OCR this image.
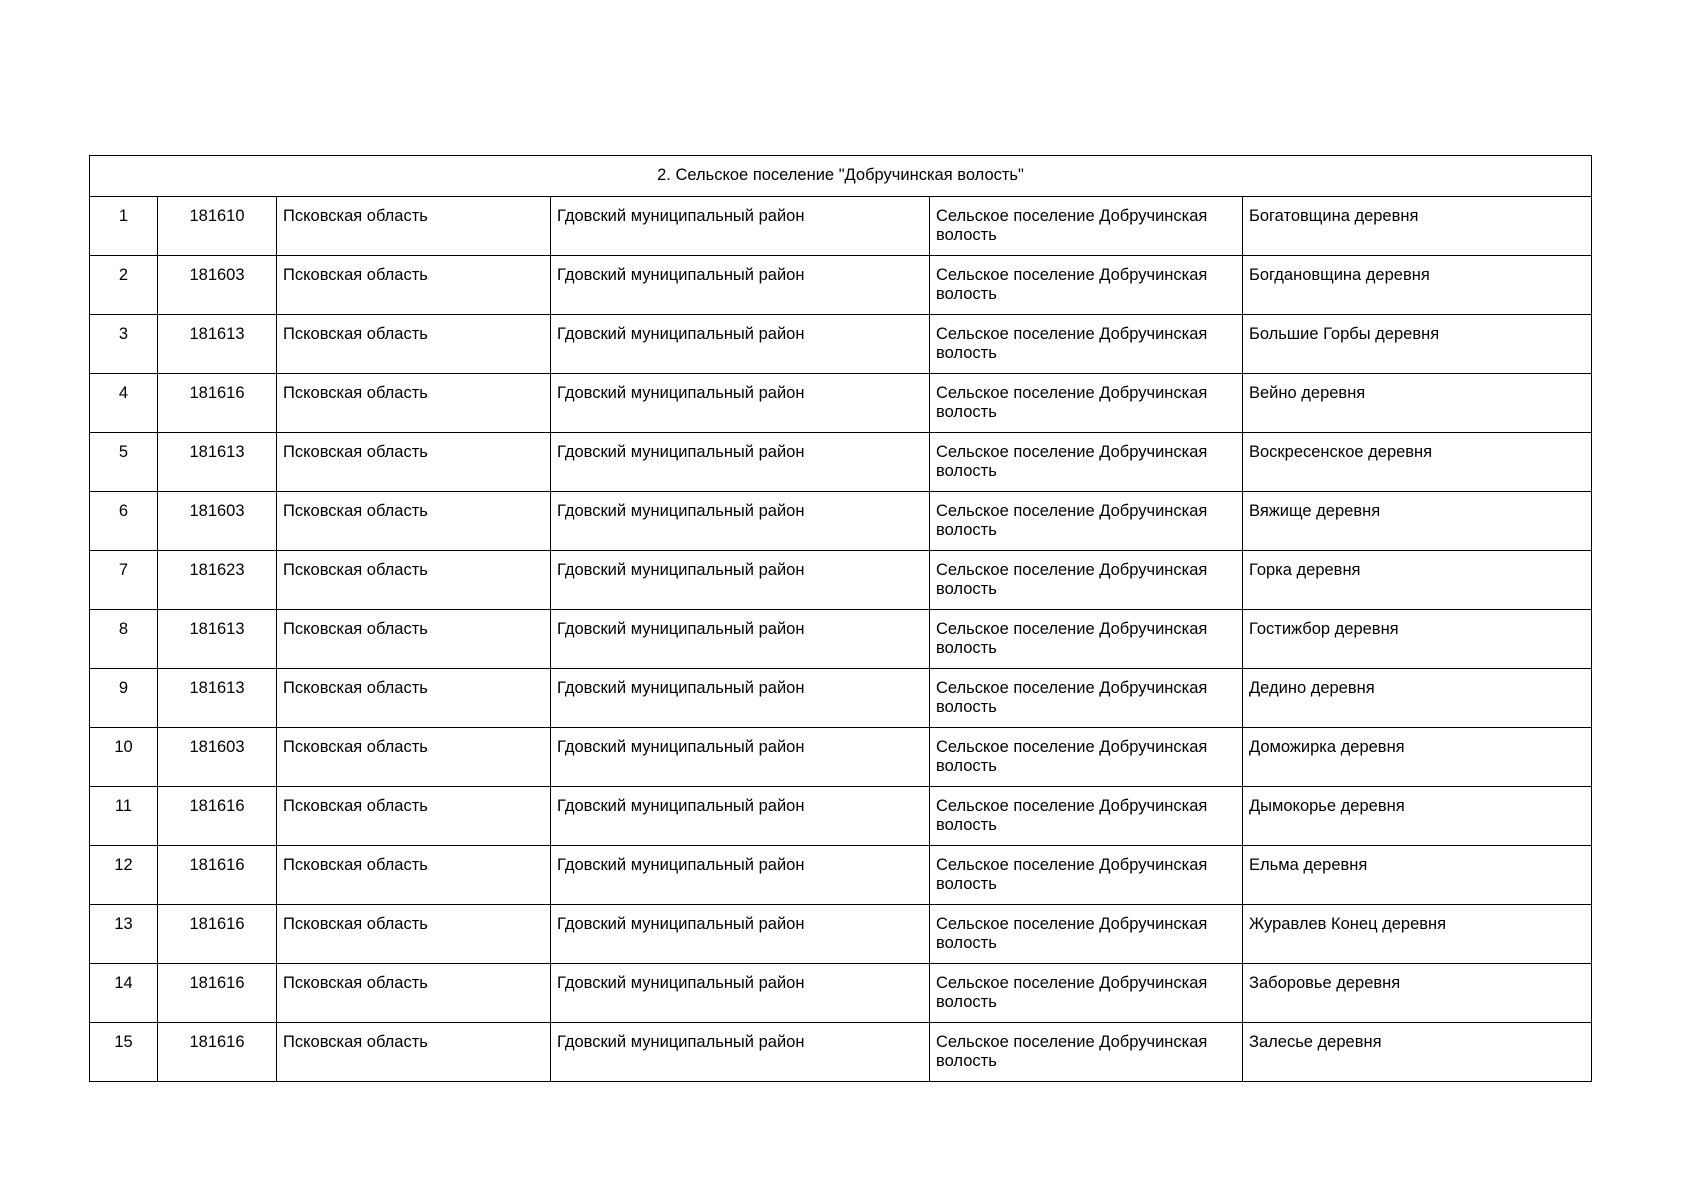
2. Сельское поселение "Добручинская волость"					
1	181610	Псковская область	Гдовский муниципальный район	Сельское поселение Добручинская волость	Богатовщина деревня
2	181603	Псковская область	Гдовский муниципальный район	Сельское поселение Добручинская волость	Богдановщина деревня
3	181613	Псковская область	Гдовский муниципальный район	Сельское поселение Добручинская волость	Большие Горбы деревня
4	181616	Псковская область	Гдовский муниципальный район	Сельское поселение Добручинская волость	Вейно деревня
5	181613	Псковская область	Гдовский муниципальный район	Сельское поселение Добручинская волость	Воскресенское деревня
6	181603	Псковская область	Гдовский муниципальный район	Сельское поселение Добручинская волость	Вяжище деревня
7	181623	Псковская область	Гдовский муниципальный район	Сельское поселение Добручинская волость	Горка деревня
8	181613	Псковская область	Гдовский муниципальный район	Сельское поселение Добручинская волость	Гостижбор деревня
9	181613	Псковская область	Гдовский муниципальный район	Сельское поселение Добручинская волость	Дедино деревня
10	181603	Псковская область	Гдовский муниципальный район	Сельское поселение Добручинская волость	Доможирка деревня
11	181616	Псковская область	Гдовский муниципальный район	Сельское поселение Добручинская волость	Дымокорье деревня
12	181616	Псковская область	Гдовский муниципальный район	Сельское поселение Добручинская волость	Ельма деревня
13	181616	Псковская область	Гдовский муниципальный район	Сельское поселение Добручинская волость	Журавлев Конец деревня
14	181616	Псковская область	Гдовский муниципальный район	Сельское поселение Добручинская волость	Заборовье деревня
15	181616	Псковская область	Гдовский муниципальный район	Сельское поселение Добручинская волость	Залесье деревня
